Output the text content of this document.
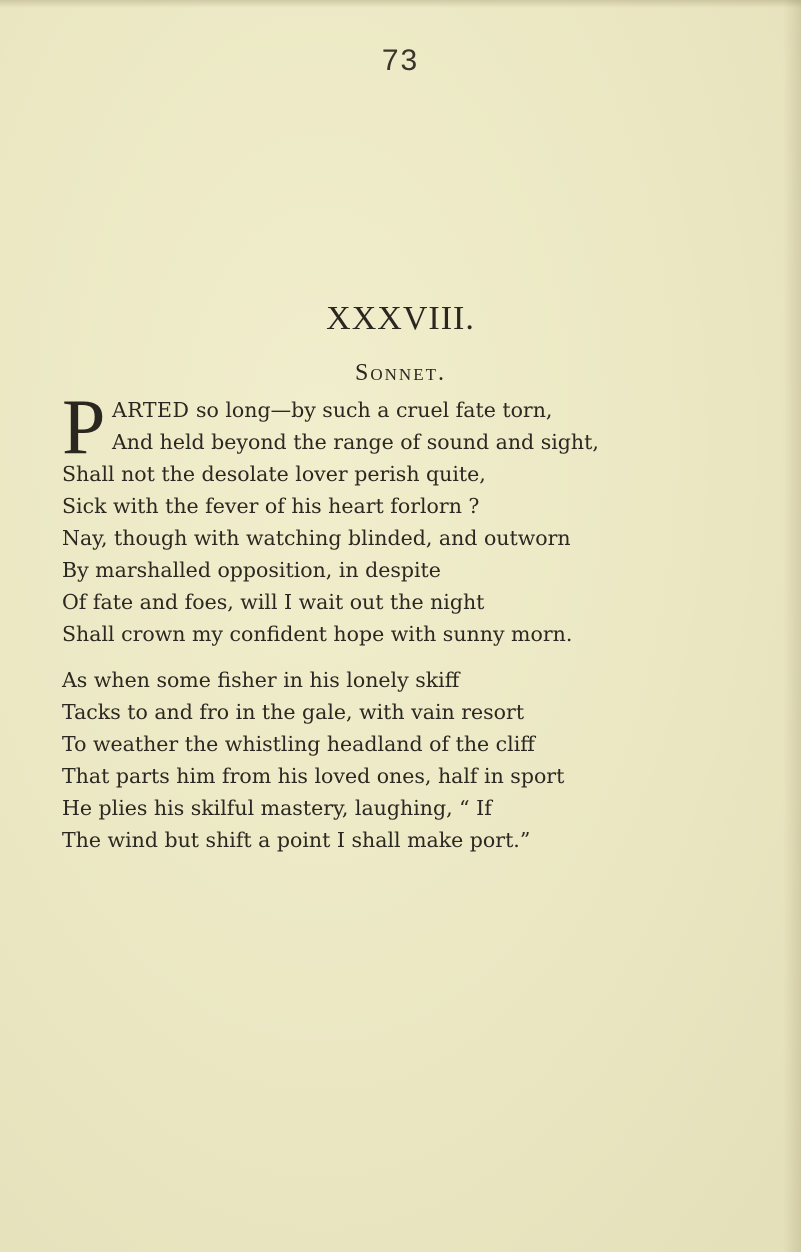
73
XXXVIII.
Sonnet.
P ARTED so long—by such a cruel fate torn,
And held beyond the range of sound and sight,
Shall not the desolate lover perish quite,
Sick with the fever of his heart forlorn ?
Nay, though with watching blinded, and outworn
By marshalled opposition, in despite
Of fate and foes, will I wait out the night
Shall crown my confident hope with sunny morn.
As when some fisher in his lonely skiff
Tacks to and fro in the gale, with vain resort
To weather the whistling headland of the cliff
That parts him from his loved ones, half in sport
He plies his skilful mastery, laughing, “ If
The wind but shift a point I shall make port.”
